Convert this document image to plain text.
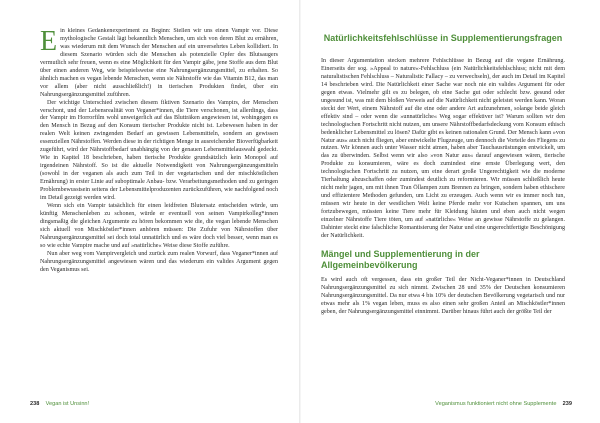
Ein kleines Gedankenexperiment zu Beginn: Stellen wir uns einen Vampir vor. Diese mythologische Gestalt lägt bekanntlich Menschen, um sich von deren Blut zu ernähren, was wiederum mit dem Wunsch der Menschen auf ein unversehrtes Leben kollidiert. In diesem Szenario würden sich die Menschen als potenzielle Opfer des Blutsaugers vermutlich sehr freuen, wenn es eine Möglichkeit für den Vampir gäbe, jene Stoffe aus dem Blut über einen anderen Weg, wie beispielsweise eine Nahrungsergänzungsmittel, zu erhalten. So ähnlich machen es vegan lebende Menschen, wenn sie Nährstoffe wie das Vitamin B12, das man vor allem (aber nicht ausschließlich!) in tierischen Produkten findet, über ein Nahrungsergänzungsmittel zuführen.

Der wichtige Unterschied zwischen diesem fiktiven Szenario des Vampirs, der Menschen verschont, und der Lebensrealität von Veganer*innen, die Tiere verschonen, ist allerdings, dass der Vampir im Horrorfilm wohl unweigerlich auf das Blutträken angewiesen ist, wohingegen es den Mensch in Bezug auf den Konsum tierischer Produkte nicht ist. Lebewesen haben in der realen Welt keinen zwingenden Bedarf an gewissen Lebensmitteln, sondern an gewissen essenziellen Nährstoffen. Werden diese in der richtigen Menge in ausreichender Bioverfügbarkeit zugeführt, wird der Nährstoffbedarf unabhängig von der genauen Lebensmittelauswahl gedeckt. Wie in Kapitel 18 beschrieben, haben tierische Produkte grundsätzlich kein Monopol auf irgendeinen Nährstoff. So ist die aktuelle Notwendigkeit von Nahrungsergänzungsmitteln (sowohl in der veganen als auch zum Teil in der vegetarischen und der mischköstlichen Ernährung) in erster Linie auf suboptimale Anbau- bzw. Verarbeitungsmethoden und zu geringen Problembewusstsein seitens der Lebensmittelproduzenten zurückzuführen, wie nachfolgend noch im Detail gezeigt werden wird.

Wenn sich ein Vampir tatsächlich für einen leidfreien Blutersatz entscheiden würde, um künftig Menschenleben zu schonen, würde er eventuell von seinen Vampirkolleg*innen dingsmaßig die gleichen Argumente zu hören bekommen wie die, die vegan lebende Menschen sich aktuell von Mischköstler*innen anhören müssen: Die Zufuhr von Nährstoffen über Nahrungsergänzungsmittel sei doch total unnatürlich und es wäre doch viel besser, wenn man es so wie echte Vampire mache und auf »natürliche« Weise diese Stoffe zuführe.

Nun aber weg vom Vampirvergleich und zurück zum realen Vorwurf, dass Veganer*innen auf Nahrungsergänzungsmittel angewiesen wären und das wiederum ein valides Argument gegen den Veganismus sei.

238 Vegan ist Unsinn!
Natürlichkeitsfehlschlüsse in Supplementierungsfragen

In dieser Argumentation stecken mehrere Fehlschlüsse in Bezug auf die vegane Ernährung. Einerseits der sog. »Appeal to nature«-Fehlschluss (ein Natürlichkeitsfehlschluss; nicht mit dem naturalistischen Fehlschluss – Naturalistic Fallacy – zu verwechseln), der auch im Detail im Kapitel 14 beschrieben wird. Die Natürlichkeit einer Sache war noch nie ein valides Argument für oder gegen etwas. Vielmehr gilt es zu belegen, ob eine Sache gut oder schlecht bzw. gesund oder ungesund ist, was mit dem bloßen Verweis auf die Natürlichkeit nicht geleistet werden kann. Woran steckt der Wert, einem Nährstoff auf die eine oder andere Art aufzunehmen, solange beide gleich effektiv sind – oder wenn die »unnatürliche« Weg sogar effektiver ist? Warum sollten wir den technologischen Fortschritt nicht nutzen, um unsere Nährstoffbedarfsdeckung vom Konsum ethisch bedenklicher Lebensmittel zu lösen? Dafür gibt es keinen rationalen Grund. Der Mensch kann »von Natur aus« auch nicht fliegen, aber entwickelte Flugzeuge, um dennoch die Vorteile des Fliegens zu nutzen. Wir können auch unter Wasser nicht atmen, haben aber Tauchausrüstungen entwickelt, um das zu überwinden. Selbst wenn wir also »von Natur aus« darauf angewiesen wären, tierische Produkte zu konsumieren, wäre es doch zumindest eine ernste Überlegung wert, den technologischen Fortschritt zu nutzen, um eine derart große Ungerechtigkeit wie die moderne Tierhaltung abzuschaffen oder zumindest deutlich zu reformieren. Wir müssen schließlich heute nicht mehr jagen, um mit ihnen Tran Öllampen zum Brennen zu bringen, sondern haben ethischere und effizientere Methoden gefunden, um Licht zu erzeugen. Auch wenn wir es immer noch tun, müssen wir heute in der westlichen Welt keine Pferde mehr vor Kutschen spannen, um uns fortzubewegen, müssten keine Tiere mehr für Kleidung häuten und eben auch nicht wegen einzelner Nährstoffe Tiere töten, um auf »natürliche« Weise an gewisse Nährstoffe zu gelangen. Dahinter steckt eine falschliche Romantisierung der Natur und eine ungerechtfertigte Beschönigung der Natürlichkeit.

Mängel und Supplementierung in der Allgemeinbevölkerung

Es wird auch oft vergessen, dass ein großer Teil der Nicht-Veganer*innen in Deutschland Nahrungsergänzungsmittel zu sich nimmt. Zwischen 28 und 35% der Deutschen konsumieren Nahrungsergänzungsmittel. Da nur etwa 4 bis 10% der deutschen Bevölkerung vegetarisch und nur etwas mehr als 1% vegan leben, muss es also einen sehr großen Anteil an Mischköstler*innen geben, der Nahrungsergänzungsmittel einnimmt. Darüber hinaus führt auch der größte Teil der

Veganismus funktioniert nicht ohne Supplemente 239
